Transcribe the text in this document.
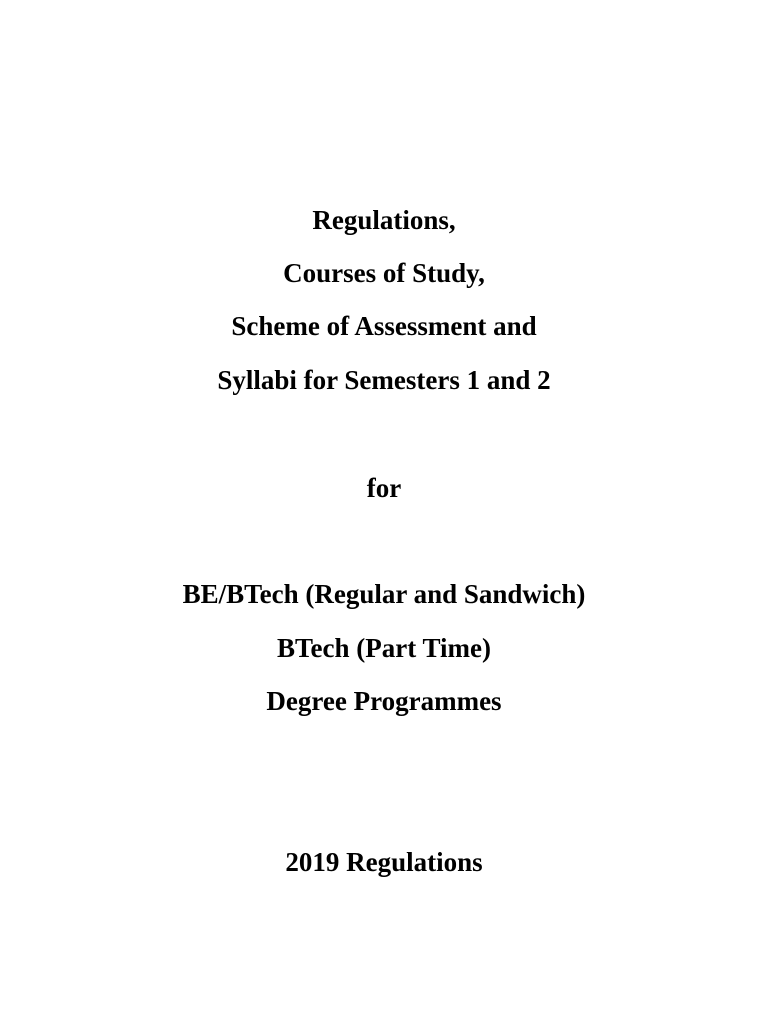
Regulations,
Courses of Study,
Scheme of Assessment and
Syllabi for Semesters 1 and 2
for
BE/BTech (Regular and Sandwich)
BTech (Part Time)
Degree Programmes
2019 Regulations
